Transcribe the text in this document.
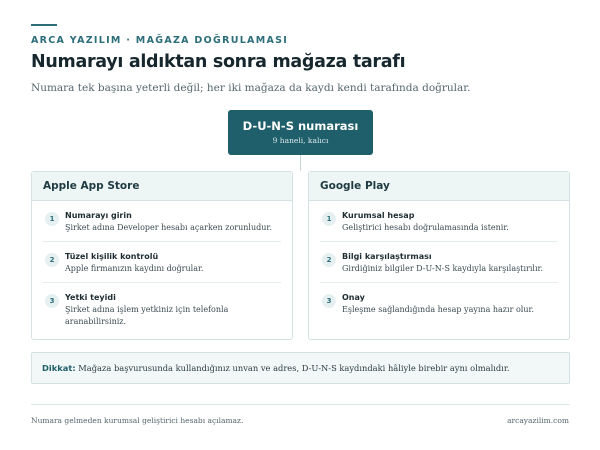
ARCA YAZILIM · MAĞAZA DOĞRULAMASI
Numarayı aldıktan sonra mağaza tarafı

Numara tek başına yeterli değil; her iki mağaza da kaydı kendi tarafında doğrular.

D-U-N-S numarası
9 haneli, kalıcı
Apple App Store
1	Numarayı girin
Şirket adına Developer hesabı açarken zorunludur.
2	Tüzel kişilik kontrolü
Apple firmanızın kaydını doğrular.
3	Yetki teyidi
Şirket adına işlem yetkiniz için telefonla aranabilirsiniz.
Google Play
1	Kurumsal hesap
Geliştirici hesabı doğrulamasında istenir.
2	Bilgi karşılaştırması
Girdiğiniz bilgiler D-U-N-S kaydıyla karşılaştırılır.
3	Onay
Eşleşme sağlandığında hesap yayına hazır olur.
Dikkat: Mağaza başvurusunda kullandığınız unvan ve adres, D-U-N-S kaydındaki hâliyle birebir aynı olmalıdır.
Numara gelmeden kurumsal geliştirici hesabı açılamaz.	arcayazilim.com
